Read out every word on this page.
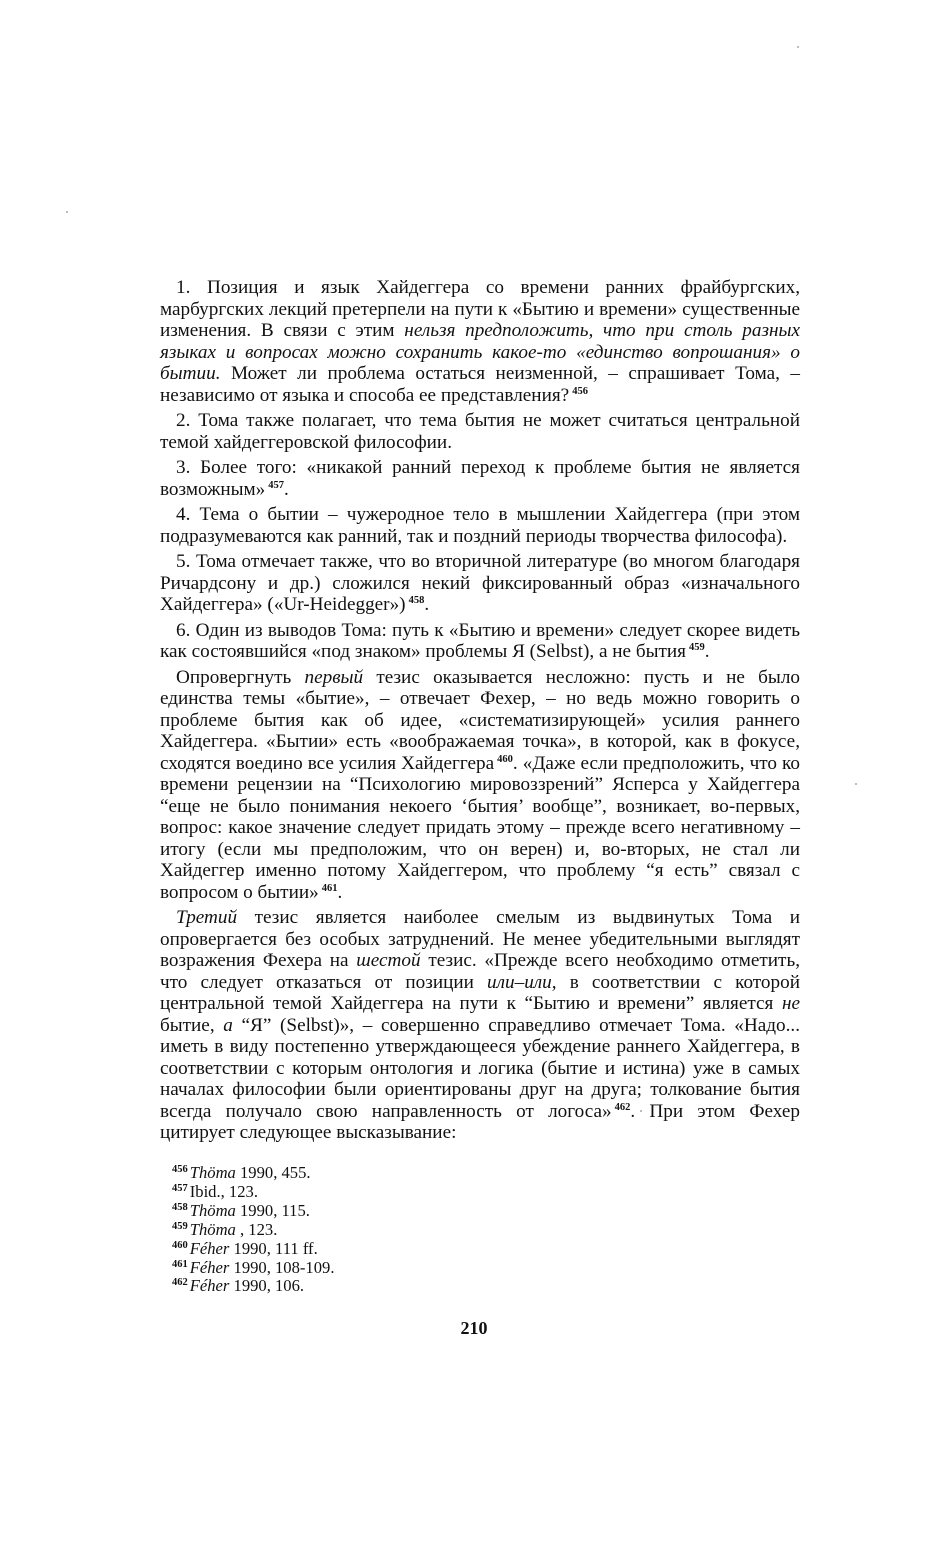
1. Позиция и язык Хайдеггера со времени ранних фрайбургских, марбургских лекций претерпели на пути к «Бытию и времени» существенные изменения. В связи с этим нельзя предположить, что при столь разных языках и вопросах можно сохранить какое-то «единство вопрошания» о бытии. Может ли проблема остаться неизменной, – спрашивает Тома, – независимо от языка и способа ее представления? $^{456}$

2. Тома также полагает, что тема бытия не может считаться центральной темой хайдеггеровской философии.

3. Более того: «никакой ранний переход к проблеме бытия не является возможным» $^{457}$.

4. Тема о бытии – чужеродное тело в мышлении Хайдеггера (при этом подразумеваются как ранний, так и поздний периоды творчества философа).

5. Тома отмечает также, что во вторичной литературе (во многом благодаря Ричардсону и др.) сложился некий фиксированный образ «изначального Хайдеггера» («Ur-Heidegger») $^{458}$.

6. Один из выводов Тома: путь к «Бытию и времени» следует скорее видеть как состоявшийся «под знаком» проблемы Я (Selbst), а не бытия $^{459}$.

Опровергнуть первый тезис оказывается несложно: пусть и не было единства темы «бытие», – отвечает Фехер, – но ведь можно говорить о проблеме бытия как об идее, «систематизирующей» усилия раннего Хайдеггера. «Бытии» есть «воображаемая точка», в которой, как в фокусе, сходятся воедино все усилия Хайдеггера $^{460}$. «Даже если предположить, что ко времени рецензии на “Психологию мировоззрений” Ясперса у Хайдеггера “еще не было понимания некоего ‘бытия’ вообще”, возникает, во-первых, вопрос: какое значение следует придать этому – прежде всего негативному – итогу (если мы предположим, что он верен) и, во-вторых, не стал ли Хайдеггер именно потому Хайдеггером, что проблему “я есть” связал с вопросом о бытии» $^{461}$.

Третий тезис является наиболее смелым из выдвинутых Тома и опровергается без особых затруднений. Не менее убедительными выглядят возражения Фехера на шестой тезис. «Прежде всего необходимо отметить, что следует отказаться от позиции или–или, в соответствии с которой центральной темой Хайдеггера на пути к “Бытию и времени” является не бытие, а “Я” (Selbst)», – совершенно справедливо отмечает Тома. «Надо... иметь в виду постепенно утверждающееся убеждение раннего Хайдеггера, в соответствии с которым онтология и логика (бытие и истина) уже в самых началах философии были ориентированы друг на друга; толкование бытия всегда получало свою направленность от логоса» $^{462}$. При этом Фехер цитирует следующее высказывание:

$^{456}$ Thöma 1990, 455.
$^{457}$ Ibid., 123.
$^{458}$ Thöma 1990, 115.
$^{459}$ Thöma , 123.
$^{460}$ Féher 1990, 111 ff.
$^{461}$ Féher 1990, 108-109.
$^{462}$ Féher 1990, 106.
210
